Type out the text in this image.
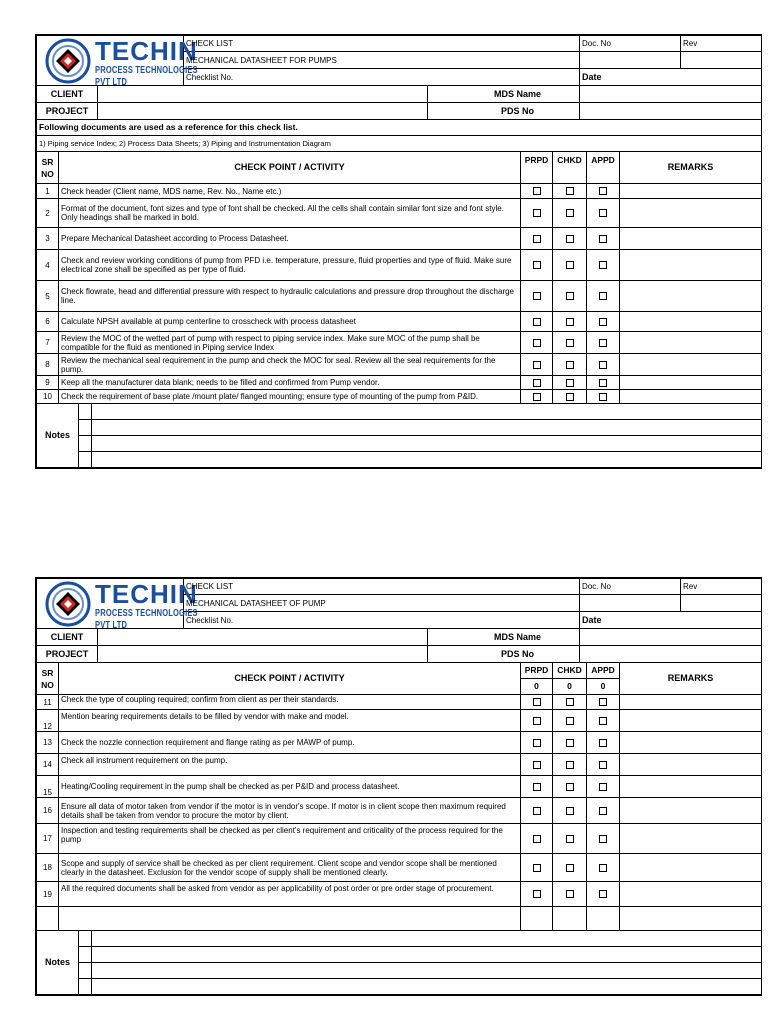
TECHIN
PROCESS TECHNOLOGIES PVT LTD	CHECK LIST	Doc. No	Rev
	MECHANICAL DATASHEET FOR PUMPS		
	Checklist No.	Date	
CLIENT		MDS Name	
PROJECT		PDS No	
Following documents are used as a reference for this check list.			
1) Piping service Index; 2) Process Data Sheets; 3) Piping and Instrumentation Diagram			
SR
NO	CHECK POINT / ACTIVITY	PRPD	CHKD	APPD	REMARKS
1	Check header (Client name, MDS name, Rev. No., Name etc.)				
2	Format of the document, font sizes and type of font shall be checked. All the cells shall contain similar font size and font style. Only headings shall be marked in bold.				
3	Prepare Mechanical Datasheet according to Process Datasheet.				
4	Check and review working conditions of pump from PFD i.e. temperature, pressure, fluid properties and type of fluid. Make sure electrical zone shall be specified as per type of fluid.				
5	Check flowrate, head and differential pressure with respect to hydraulic calculations and pressure drop throughout the discharge line.				
6	Calculate NPSH available at pump centerline to crosscheck with process datasheet				
7	Review the MOC of the wetted part of pump with respect to piping service index. Make sure MOC of the pump shall be compatible for the fluid as mentioned in Piping service Index				
8	Review the mechanical seal requirement in the pump and check the MOC for seal. Review all the seal requirements for the pump.				
9	Keep all the manufacturer data blank; needs to be filled and confirmed from Pump vendor.				
10	Check the requirement of base plate /mount plate/ flanged mounting; ensure type of mounting of the pump from P&ID.				
Notes		

TECHIN
PROCESS TECHNOLOGIES PVT LTD	CHECK LIST	Doc. No	Rev
	MECHANICAL DATASHEET OF PUMP		
	Checklist No.	Date	
CLIENT		MDS Name	
PROJECT		PDS No	
SR
NO	CHECK POINT / ACTIVITY	PRPD	CHKD	APPD	REMARKS
		0	0	0	
11	Check the type of coupling required; confirm from client as per their standards.				
12	Mention bearing requirements details to be filled by vendor with make and model.				
13	Check the nozzle connection requirement and flange rating as per MAWP of pump.				
14	Check all instrument requirement on the pump.				
15	Heating/Cooling requirement in the pump shall be checked as per P&ID and process datasheet.				
16	Ensure all data of motor taken from vendor if the motor is in vendor's scope. If motor is in client scope then maximum required details shall be taken from vendor to procure the motor by client.				
17	Inspection and testing requirements shall be checked as per client's requirement and criticality of the process required for the pump				
18	Scope and supply of service shall be checked as per client requirement. Client scope and vendor scope shall be mentioned clearly in the datasheet. Exclusion for the vendor scope of supply shall be mentioned clearly.				
19	All the required documents shall be asked from vendor as per applicability of post order or pre order stage of procurement.				

Notes		
